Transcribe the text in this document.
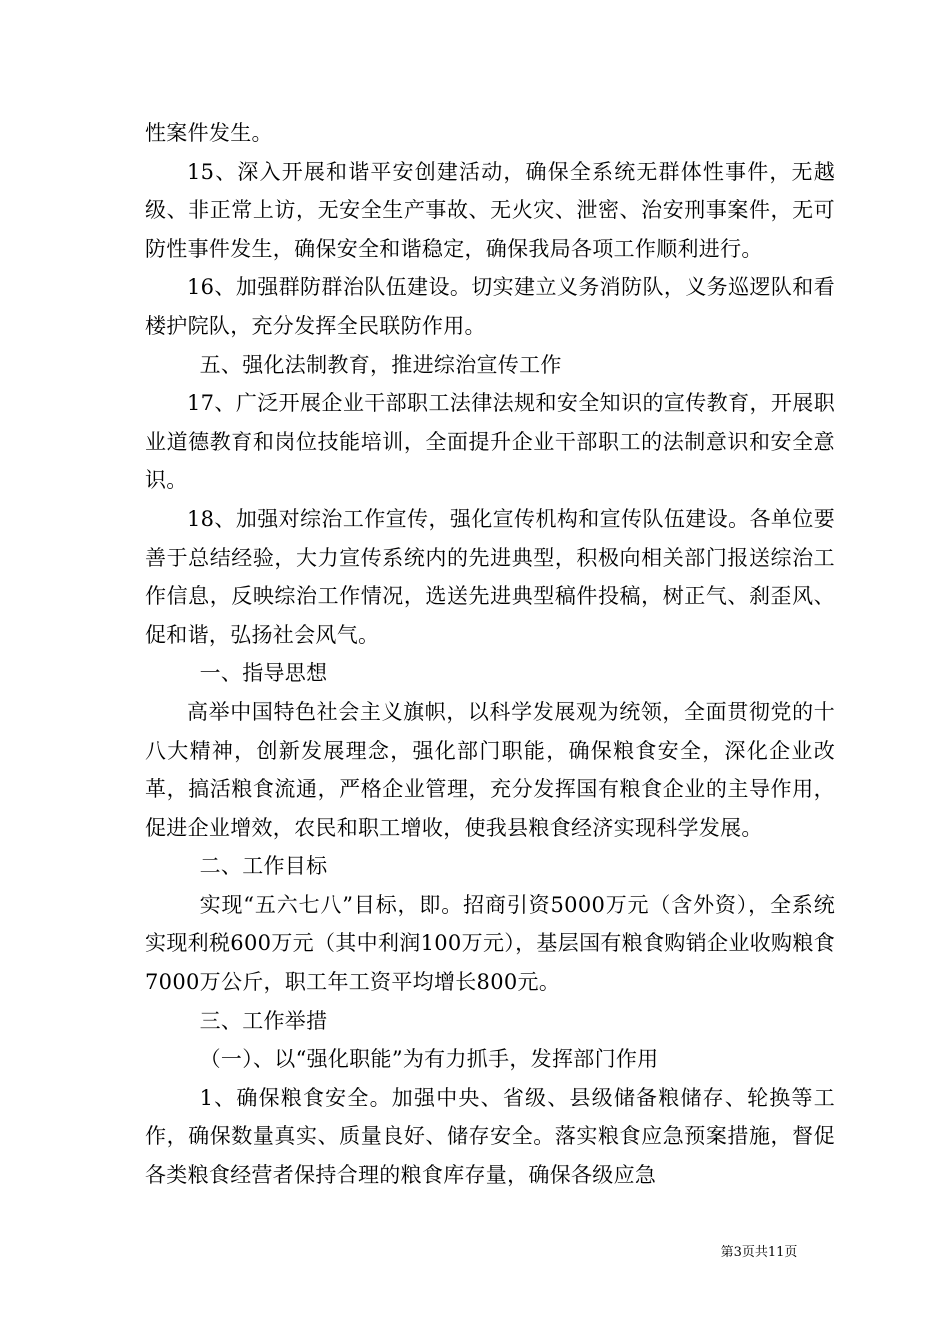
性案件发生。

15、深入开展和谐平安创建活动，确保全系统无群体性事件，无越级、非正常上访，无安全生产事故、无火灾、泄密、治安刑事案件，无可防性事件发生，确保安全和谐稳定，确保我局各项工作顺利进行。

16、加强群防群治队伍建设。切实建立义务消防队，义务巡逻队和看楼护院队，充分发挥全民联防作用。

五、强化法制教育，推进综治宣传工作

17、广泛开展企业干部职工法律法规和安全知识的宣传教育，开展职业道德教育和岗位技能培训，全面提升企业干部职工的法制意识和安全意识。

18、加强对综治工作宣传，强化宣传机构和宣传队伍建设。各单位要善于总结经验，大力宣传系统内的先进典型，积极向相关部门报送综治工作信息，反映综治工作情况，选送先进典型稿件投稿，树正气、刹歪风、促和谐，弘扬社会风气。

一、指导思想

高举中国特色社会主义旗帜，以科学发展观为统领，全面贯彻党的十八大精神，创新发展理念，强化部门职能，确保粮食安全，深化企业改革，搞活粮食流通，严格企业管理，充分发挥国有粮食企业的主导作用，促进企业增效，农民和职工增收，使我县粮食经济实现科学发展。

二、工作目标

实现“五六七八”目标，即。招商引资5000万元（含外资），全系统实现利税600万元（其中利润100万元），基层国有粮食购销企业收购粮食7000万公斤，职工年工资平均增长800元。

三、工作举措

（一）、以“强化职能”为有力抓手，发挥部门作用

1、确保粮食安全。加强中央、省级、县级储备粮储存、轮换等工作，确保数量真实、质量良好、储存安全。落实粮食应急预案措施，督促各类粮食经营者保持合理的粮食库存量，确保各级应急

第3页共11页
